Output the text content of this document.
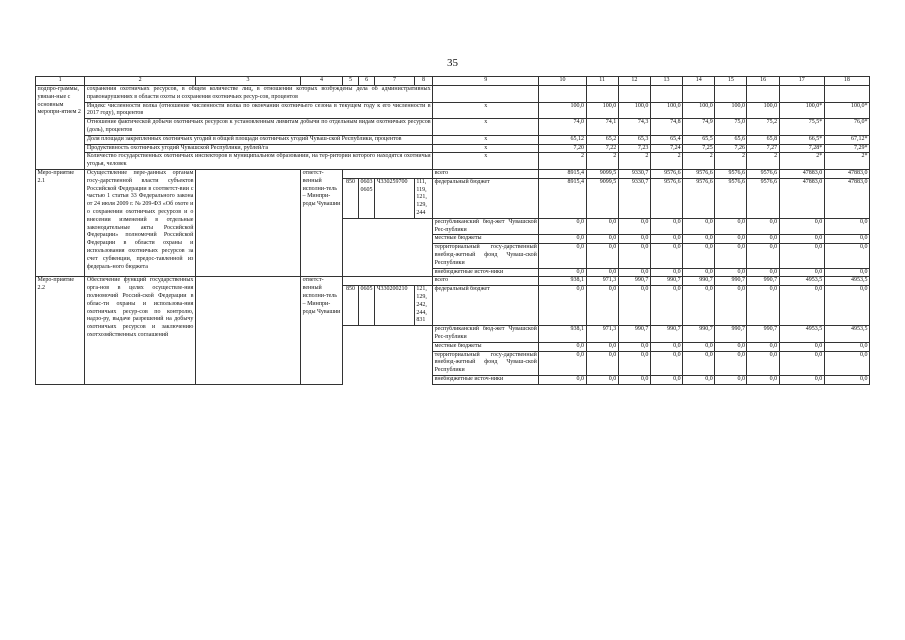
35
1	2	3	4	5	6	7	8	9	10	11	12	13	14	15	16	17	18
подпро-граммы, увязан-ные с основным меропри-ятием 2	сохранения охотничьих ресурсов, в общем количестве лиц, в отношении которых возбуждены дела об административных правонарушениях в области охоты и сохранения охотничьих ресур-сов, процентов																
	Индекс численности волка (отношение численности волка по окончании охотничьего сезона в текущем году к его численности в 2017 году), процентов							х	100,0	100,0	100,0	100,0	100,0	100,0	100,0	100,0*	100,0*
	Отношение фактической добычи охотничьих ресурсов к установленным лимитам добычи по отдельным видам охотничьих ресурсов (доль), процентов							х	74,0	74,1	74,3	74,8	74,9	75,0	75,2	75,5*	76,0*
	Доля площади закрепленных охотничьих угодий в общей площади охотничьих угодий Чуваш-ской Республики, процентов							х	65,12	65,2	65,3	65,4	65,5	65,6	65,8	66,5*	67,12*
	Продуктивность охотничьих угодий Чувашской Республики, рублей/га							х	7,20	7,22	7,23	7,24	7,25	7,26	7,27	7,28*	7,29*
	Количество государственных охотничьих инспекторов в муниципальном образовании, на тер-ритории которого находятся охотничьи угодья, человек							х	2	2	2	2	2	2	2	2*	2*
Меро-приятие 2.1	Осуществление пере-данных органам госу-дарственной власти субъектов Российской Федерации в соответст-вии с частью 1 статьи 33 Федерального закона от 24 июля 2009 г. № 209-ФЗ «Об охоте и о сохранении охотничьих ресурсов и о внесении изменений в отдельные законодательные акты Российской Федерации» полномочий Российской Федерации в области охраны и использования охотничьих ресурсов за счет субвенции, предос-тавленной из федераль-ного бюджета		ответст-венный исполни-тель – Минпри-роды Чувашии					всего	8915,4	9099,5	9330,7	9576,6	9576,6	9576,6	9576,6	47883,0	47883,0
				850	0603 0605	Ч330259700	111, 119, 121, 129, 244	федеральный бюджет	8915,4	9099,5	9330,7	9576,6	9576,6	9576,6	9576,6	47883,0	47883,0
								республиканский бюд-жет Чувашской Рес-публики	0,0	0,0	0,0	0,0	0,0	0,0	0,0	0,0	0,0
								местные бюджеты	0,0	0,0	0,0	0,0	0,0	0,0	0,0	0,0	0,0
								территориальный госу-дарственный внебюд-жетный фонд Чуваш-ской Республики	0,0	0,0	0,0	0,0	0,0	0,0	0,0	0,0	0,0
								внебюджетные источ-ники	0,0	0,0	0,0	0,0	0,0	0,0	0,0	0,0	0,0
Меро-приятие 2.2	Обеспечение функций государственных орга-нов в целях осуществле-ния полномочий Россий-ской Федерации в облас-ти охраны и использова-ния охотничьих ресур-сов по контролю, надзо-ру, выдаче разрешений на добычу охотничьих ресурсов и заключению охотхозяйственных соглашений		ответст-венный исполни-тель – Минпри-роды Чувашии					всего	938,1	971,3	990,7	990,7	990,7	990,7	990,7	4953,5	4953,5
				850	0605	Ч330200210	121, 129, 242, 244, 831	федеральный бюджет	0,0	0,0	0,0	0,0	0,0	0,0	0,0	0,0	0,0
								республиканский бюд-жет Чувашской Рес-публики	938,1	971,3	990,7	990,7	990,7	990,7	990,7	4953,5	4953,5
								местные бюджеты	0,0	0,0	0,0	0,0	0,0	0,0	0,0	0,0	0,0
								территориальный госу-дарственный внебюд-жетный фонд Чуваш-ской Республики	0,0	0,0	0,0	0,0	0,0	0,0	0,0	0,0	0,0
								внебюджетные источ-ники	0,0	0,0	0,0	0,0	0,0	0,0	0,0	0,0	0,0
